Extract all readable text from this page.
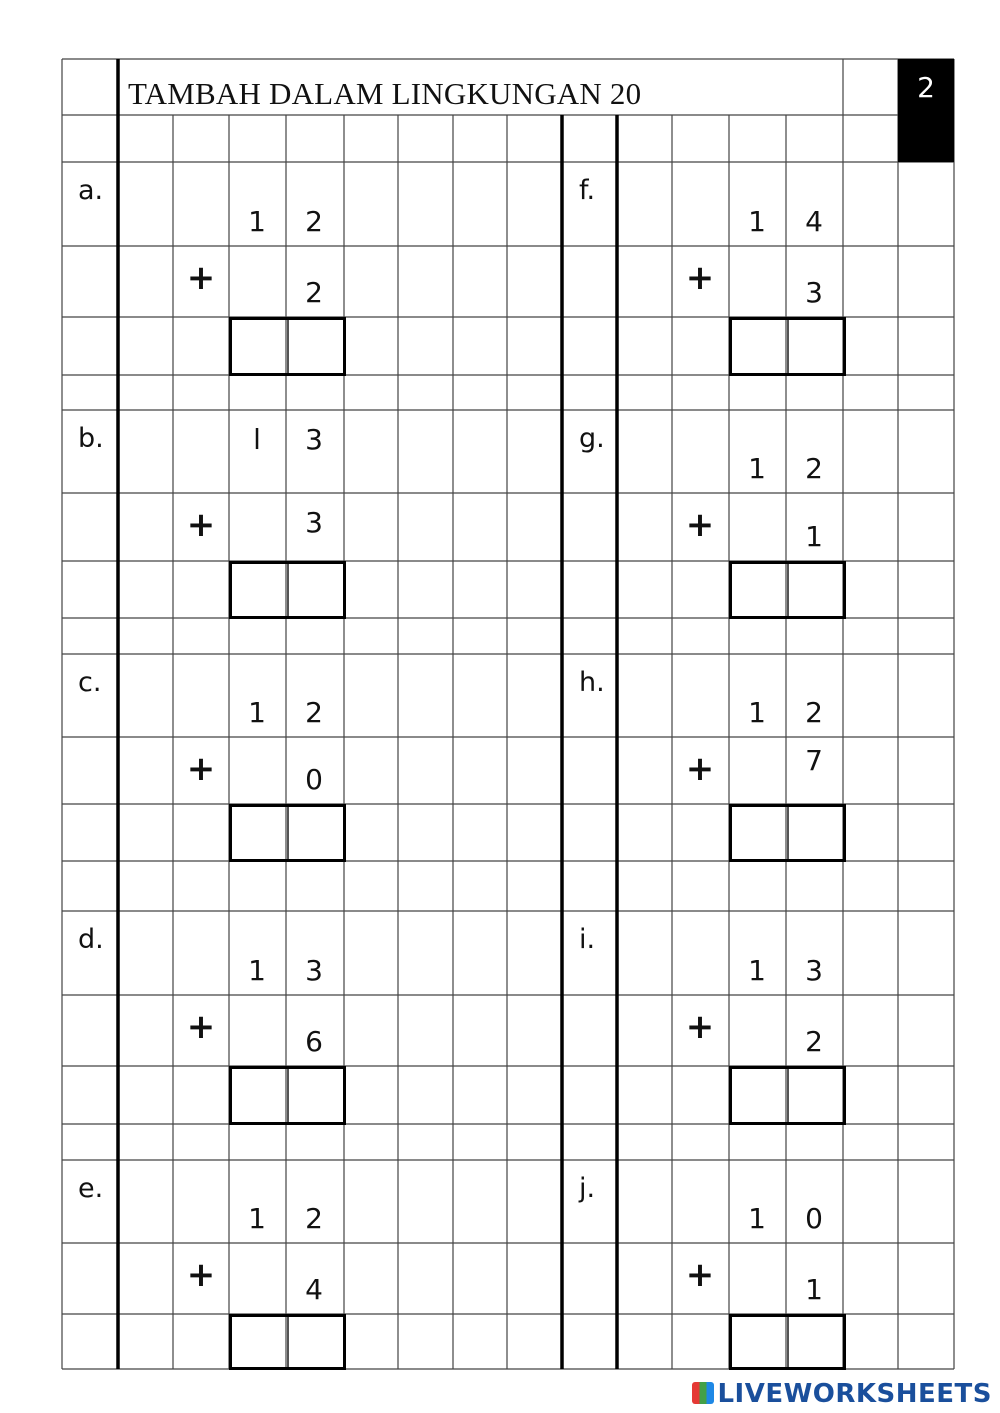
TAMBAH DALAM LINGKUNGAN 20	2
a.
1	2
+	2
b.	l	3
+	3
c.
1	2
+	0
d.
1	3
+	6
e.
1	2
+	4
f.
1	4
+	3
g.
1	2
+	1
h.
1	2
+	7
i.
1	3
+	2
j.
1	0
+	1
LIVEWORKSHEETS
